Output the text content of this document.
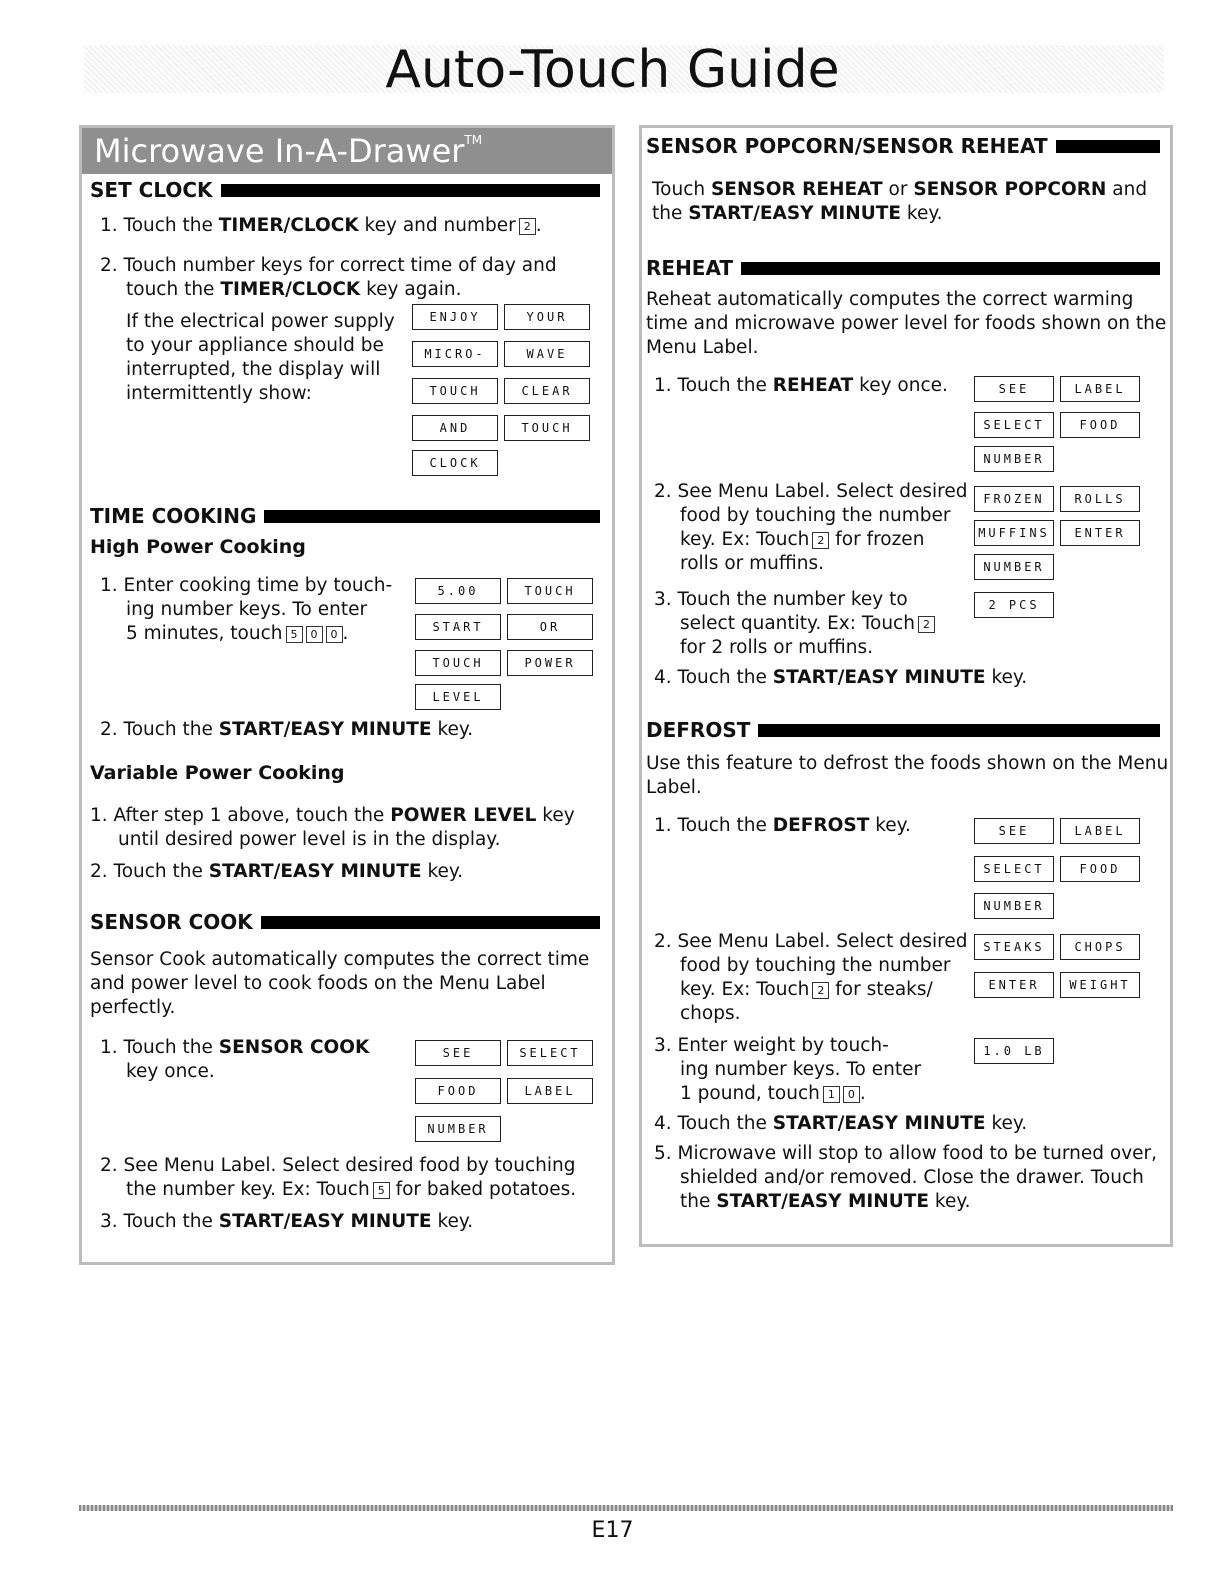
Auto-Touch Guide
Microwave In-A-Drawer™
SET CLOCK
1. Touch the TIMER/CLOCK key and number 2 .
2. Touch number keys for correct time of day and
touch the TIMER/CLOCK key again.
If the electrical power supply
to your appliance should be
interrupted, the display will
intermittently show:
ENJOY	YOUR
MICRO-	WAVE
TOUCH	CLEAR
AND	TOUCH
CLOCK
TIME COOKING
High Power Cooking
1. Enter cooking time by touch-
ing number keys. To enter
5 minutes, touch 5 0 0 .
5.00	TOUCH
START	OR
TOUCH	POWER
LEVEL
2. Touch the START/EASY MINUTE key.
Variable Power Cooking
1. After step 1 above, touch the POWER LEVEL key
until desired power level is in the display.
2. Touch the START/EASY MINUTE key.
SENSOR COOK
Sensor Cook automatically computes the correct time
and power level to cook foods on the Menu Label
perfectly.
1. Touch the SENSOR COOK
key once.
SEE	SELECT
FOOD	LABEL
NUMBER
2. See Menu Label. Select desired food by touching
the number key. Ex: Touch 5 for baked potatoes.
3. Touch the START/EASY MINUTE key.
SENSOR POPCORN/SENSOR REHEAT
Touch SENSOR REHEAT or SENSOR POPCORN and
the START/EASY MINUTE key.
REHEAT
Reheat automatically computes the correct warming
time and microwave power level for foods shown on the
Menu Label.
1. Touch the REHEAT key once.	SEE	LABEL
SELECT	FOOD
NUMBER
2. See Menu Label. Select desired
food by touching the number
key. Ex: Touch 2 for frozen
rolls or muffins.
FROZEN	ROLLS
MUFFINS	ENTER
NUMBER
3. Touch the number key to
select quantity. Ex: Touch 2
for 2 rolls or muffins.
2 PCS
4. Touch the START/EASY MINUTE key.
DEFROST
Use this feature to defrost the foods shown on the Menu
Label.
1. Touch the DEFROST key.	SEE	LABEL
SELECT	FOOD
NUMBER
2. See Menu Label. Select desired
food by touching the number
key. Ex: Touch 2 for steaks/
chops.
STEAKS	CHOPS
ENTER	WEIGHT
3. Enter weight by touch-
ing number keys. To enter
1 pound, touch 1 0 .
1.0 LB
4. Touch the START/EASY MINUTE key.
5. Microwave will stop to allow food to be turned over,
shielded and/or removed. Close the drawer. Touch
the START/EASY MINUTE key.
E17
